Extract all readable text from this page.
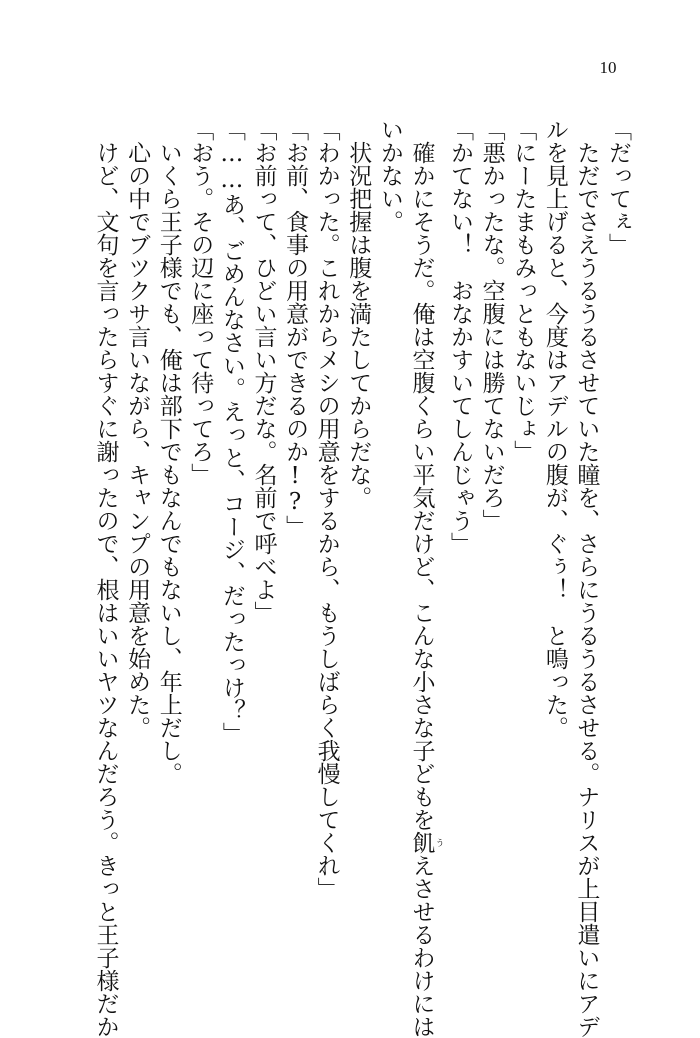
10
「だってぇ」
　ただでさえうるうるさせていた瞳を、さらにうるうるさせる。ナリスが上目遣いにアデ
ルを見上げると、今度はアデルの腹が、ぐぅ！　と鳴った。
「にーたまもみっともないじょ」
「悪かったな。空腹には勝てないだろ」
「かてない！　おなかすいてしんじゃう」
　確かにそうだ。俺は空腹くらい平気だけど、こんな小さな子どもを飢 うえさせるわけには
いかない。
　状況把握は腹を満たしてからだな。
「わかった。これからメシの用意をするから、もうしばらく我慢してくれ」
「お前、食事の用意ができるのか!?」
「お前って、ひどい言い方だな。名前で呼べよ」
「……あ、ごめんなさい。えっと、コージ、だったっけ？」
「おう。その辺に座って待ってろ」
　いくら王子様でも、俺は部下でもなんでもないし、年上だし。
　心の中でブツクサ言いながら、キャンプの用意を始めた。
　けど、文句を言ったらすぐに謝ったので、根はいいヤツなんだろう。きっと王子様だか
